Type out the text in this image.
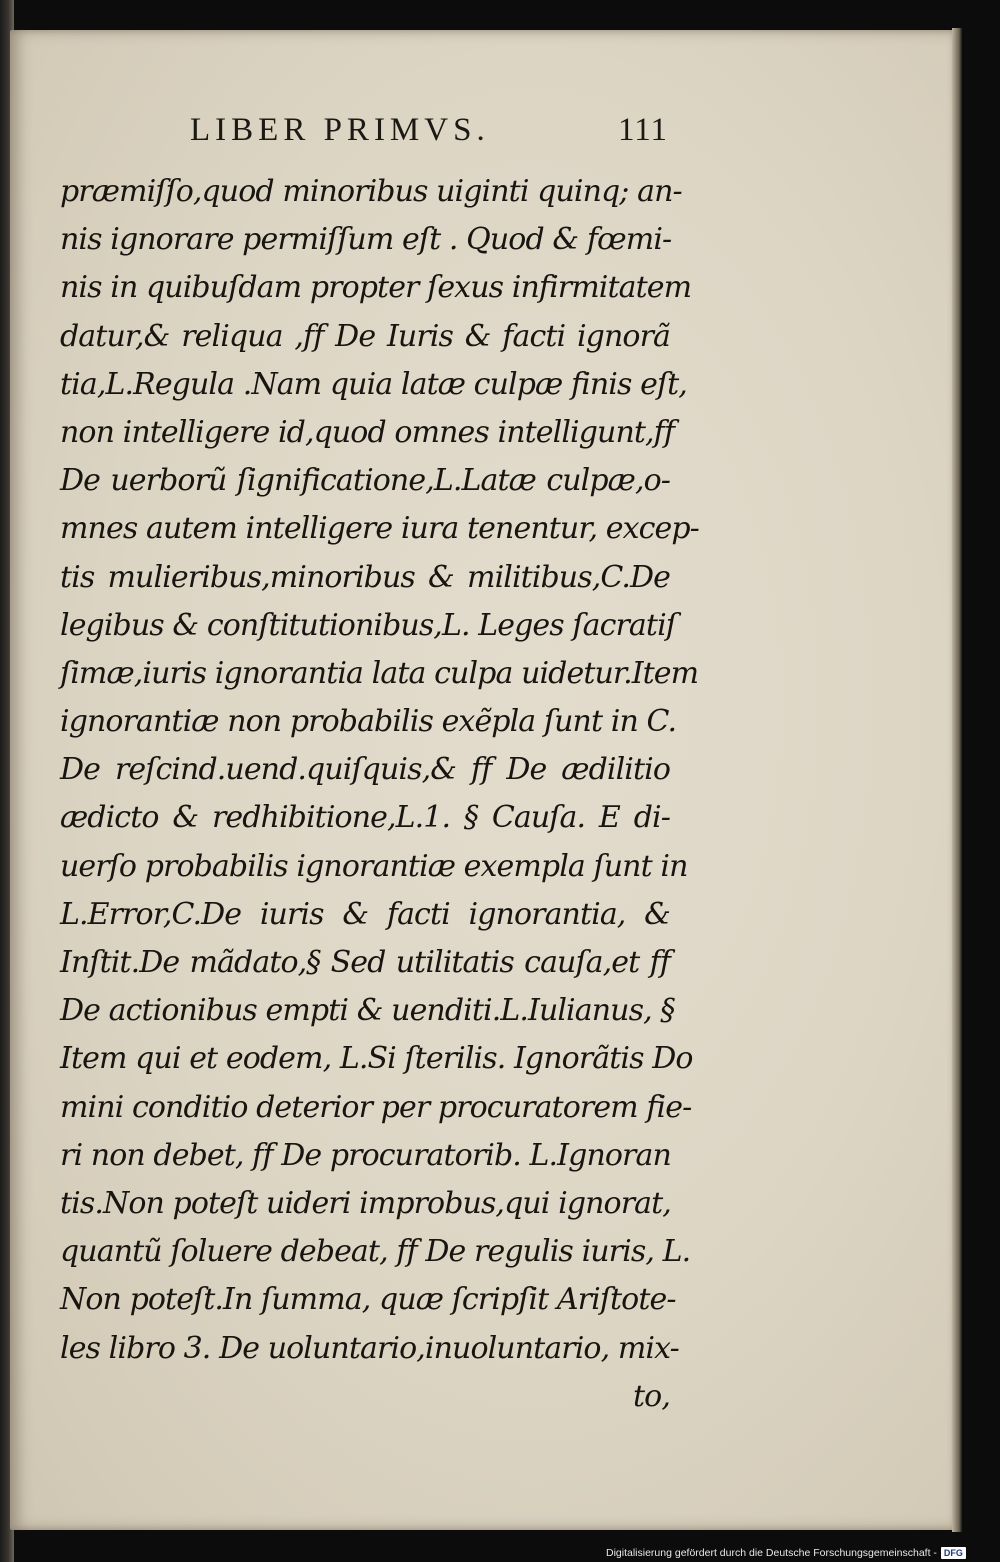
LIBER PRIMVS.	111
præmiſſo,quod minoribus uiginti quinq; an-
nis ignorare permiſſum eſt . Quod & fœmi-
nis in quibuſdam propter ſexus infirmitatem
datur,& reliqua ,ff De Iuris & facti ignorã
tia,L.Regula .Nam quia latæ culpæ finis eſt,
non intelligere id,quod omnes intelligunt,ff
De uerborũ ſignificatione,L.Latæ culpæ,o-
mnes autem intelligere iura tenentur, excep-
tis mulieribus,minoribus & militibus,C.De
legibus & conſtitutionibus,L. Leges ſacratiſ
ſimæ,iuris ignorantia lata culpa uidetur.Item
ignorantiæ non probabilis exẽpla ſunt in C.
De reſcind.uend.quiſquis,& ff De ædilitio
ædicto & redhibitione,L.1. § Cauſa. E di-
uerſo probabilis ignorantiæ exempla ſunt in
L.Error,C.De iuris & facti ignorantia, &
Inſtit.De mãdato,§ Sed utilitatis cauſa,et ff
De actionibus empti & uenditi.L.Iulianus, §
Item qui et eodem, L.Si ſterilis. Ignorãtis Do
mini conditio deterior per procuratorem fie-
ri non debet, ff De procuratorib. L.Ignoran
tis.Non poteſt uideri improbus,qui ignorat,
quantũ ſoluere debeat, ff De regulis iuris, L.
Non poteſt.In ſumma, quæ ſcripſit Ariſtote-
les libro 3. De uoluntario,inuoluntario, mix-
to,
Digitalisierung gefördert durch die Deutsche Forschungsgemeinschaft - DFG
